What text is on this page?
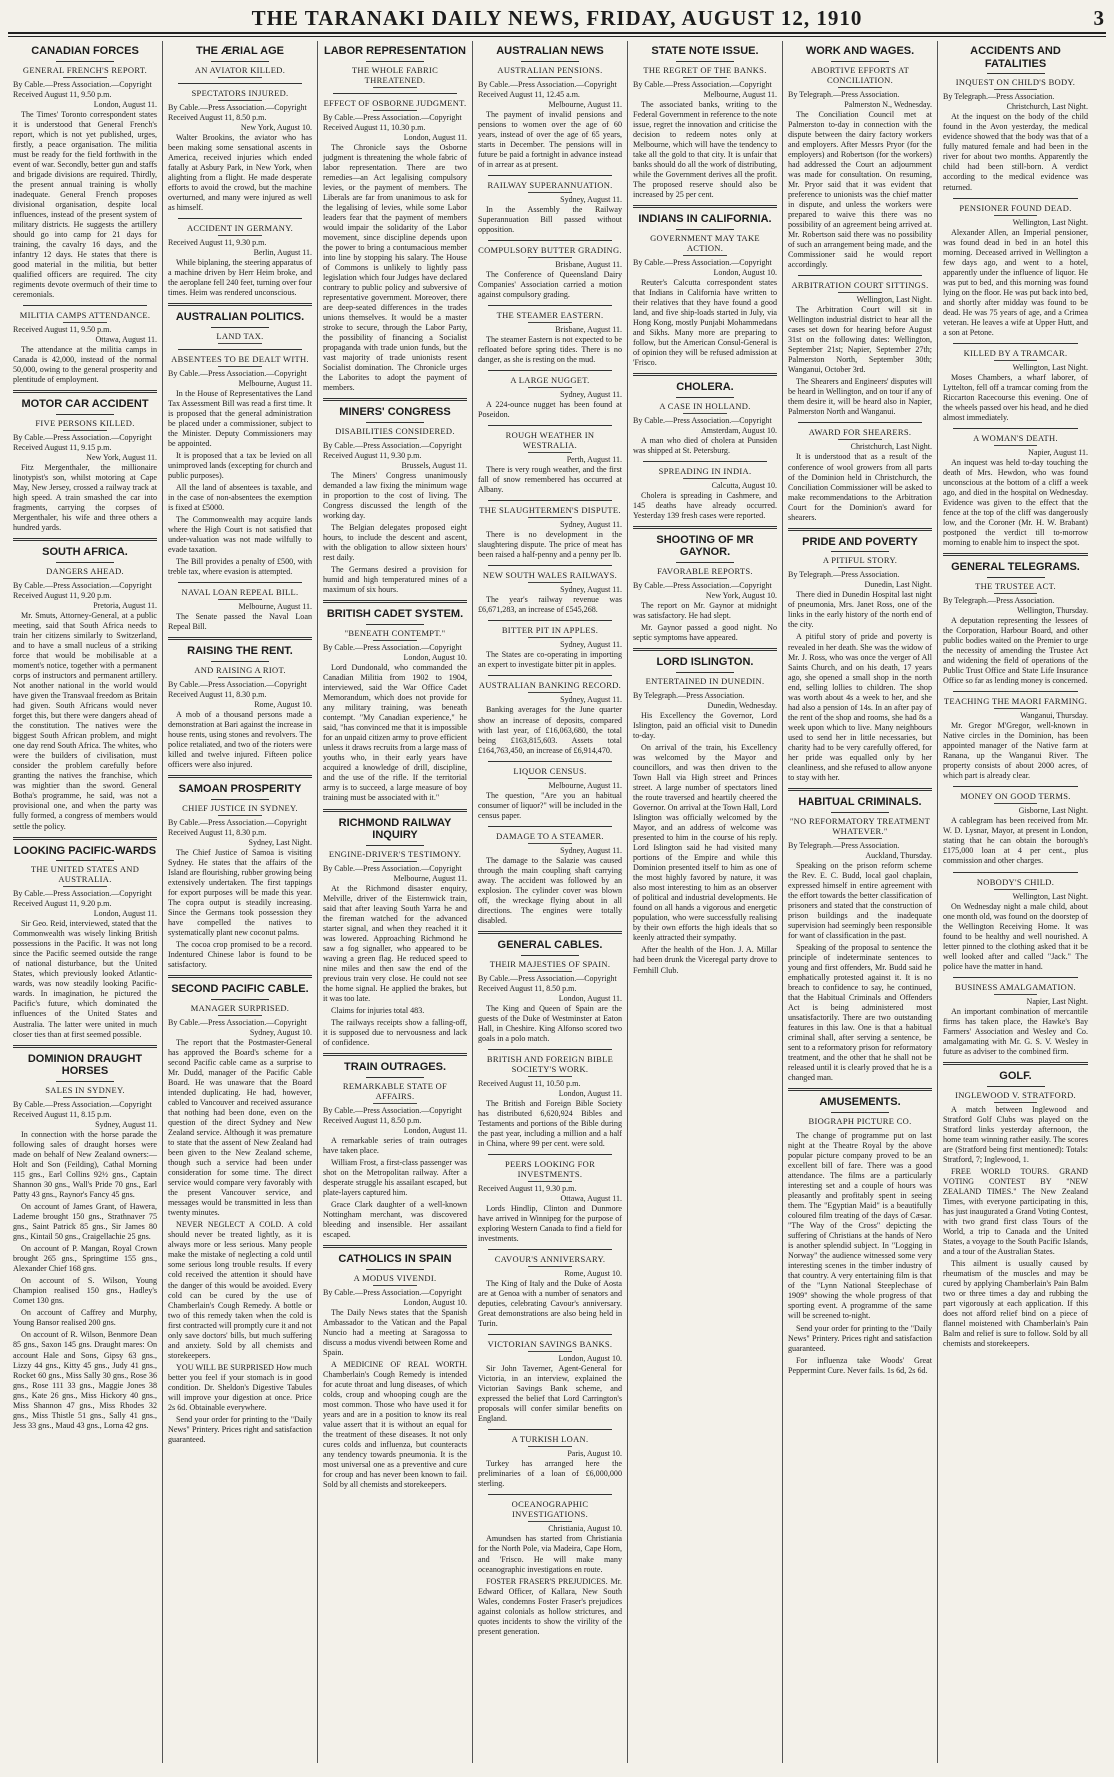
THE TARANAKI DAILY NEWS, FRIDAY, AUGUST 12, 1910	3
CANADIAN FORCES
GENERAL FRENCH'S REPORT.
By Cable.—Press Association.—Copyright
Received August 11, 9.50 p.m.
London, August 11.

The Times' Toronto correspondent states it is understood that General French's report, which is not yet published, urges, firstly, a peace organisation. The militia must be ready for the field forthwith in the event of war. Secondly, better gun and staffs and brigade divisions are required. Thirdly, the present annual training is wholly inadequate. General French proposes divisional organisation, despite local influences, instead of the present system of military districts. He suggests the artillery should go into camp for 21 days for training, the cavalry 16 days, and the infantry 12 days. He states that there is good material in the militia, but better qualified officers are required. The city regiments devote overmuch of their time to ceremonials.

MILITIA CAMPS ATTENDANCE.
Received August 11, 9.50 p.m.
Ottawa, August 11.

The attendance at the militia camps in Canada is 42,000, instead of the normal 50,000, owing to the general prosperity and plentitude of employment.

MOTOR CAR ACCIDENT
FIVE PERSONS KILLED.
By Cable.—Press Association.—Copyright
Received August 11, 9.15 p.m.
New York, August 11.

Fitz Mergenthaler, the millionaire linotypist's son, whilst motoring at Cape May, New Jersey, crossed a railway track at high speed. A train smashed the car into fragments, carrying the corpses of Mergenthaler, his wife and three others a hundred yards.

SOUTH AFRICA.
DANGERS AHEAD.
By Cable.—Press Association.—Copyright
Received August 11, 9.20 p.m.
Pretoria, August 11.

Mr. Smuts, Attorney-General, at a public meeting, said that South Africa needs to train her citizens similarly to Switzerland, and to have a small nucleus of a striking force that would be mobilisable at a moment's notice, together with a permanent corps of instructors and permanent artillery. Not another national in the world would have given the Transvaal freedom as Britain had given. South Africans would never forget this, but there were dangers ahead of the constitution. The natives were the biggest South African problem, and might one day rend South Africa. The whites, who were the builders of civilisation, must consider the problem carefully before granting the natives the franchise, which was mightier than the sword. General Botha's programme, he said, was not a provisional one, and when the party was fully formed, a congress of members would settle the policy.

LOOKING PACIFIC-WARDS
THE UNITED STATES AND AUSTRALIA.
By Cable.—Press Association.—Copyright
Received August 11, 9.20 p.m.
London, August 11.

Sir Geo. Reid, interviewed, stated that the Commonwealth was wisely linking British possessions in the Pacific. It was not long since the Pacific seemed outside the range of national disturbance, but the United States, which previously looked Atlantic-wards, was now steadily looking Pacific-wards. In imagination, he pictured the Pacific's future, which dominated the influences of the United States and Australia. The latter were united in much closer ties than at first seemed possible.

DOMINION DRAUGHT HORSES
SALES IN SYDNEY.
By Cable.—Press Association.—Copyright
Received August 11, 8.15 p.m.
Sydney, August 11.

In connection with the horse parade the following sales of draught horses were made on behalf of New Zealand owners:—Holt and Son (Feilding), Cathal Morning 115 gns., Earl Collins 92½ gns., Captain Shannon 30 gns., Wall's Pride 70 gns., Earl Patty 43 gns., Raynor's Fancy 45 gns.

On account of James Grant, of Hawera, Lademe brought 150 gns., Strathnaver 75 gns., Saint Patrick 85 gns., Sir James 80 gns., Kintail 50 gns., Craigellachie 25 gns.

On account of P. Mangan, Royal Crown brought 265 gns., Springtime 155 gns., Alexander Chief 168 gns.

On account of S. Wilson, Young Champion realised 150 gns., Hadley's Comet 130 gns.

On account of Caffrey and Murphy, Young Bansor realised 200 gns.

On account of R. Wilson, Benmore Dean 85 gns., Saxon 145 gns. Draught mares: On account Hale and Sons, Gipsy 63 gns., Lizzy 44 gns., Kitty 45 gns., Judy 41 gns., Rocket 60 gns., Miss Sally 30 gns., Rose 36 gns., Rose 111 33 gns., Maggie Jones 38 gns., Kate 26 gns., Miss Hickory 40 gns., Miss Shannon 47 gns., Miss Rhodes 32 gns., Miss Thistle 51 gns., Sally 41 gns., Jess 33 gns., Maud 43 gns., Lorna 42 gns.

THE ÆRIAL AGE
AN AVIATOR KILLED.
SPECTATORS INJURED.
By Cable.—Press Association.—Copyright
Received August 11, 8.50 p.m.
New York, August 10.

Walter Brookins, the aviator who has been making some sensational ascents in America, received injuries which ended fatally at Asbury Park, in New York, when alighting from a flight. He made desperate efforts to avoid the crowd, but the machine overturned, and many were injured as well as himself.

ACCIDENT IN GERMANY.
Received August 11, 9.30 p.m.
Berlin, August 11.

While biplaning, the steering apparatus of a machine driven by Herr Heim broke, and the aeroplane fell 240 feet, turning over four times. Heim was rendered unconscious.

AUSTRALIAN POLITICS.
LAND TAX.
ABSENTEES TO BE DEALT WITH.
By Cable.—Press Association.—Copyright
Melbourne, August 11.

In the House of Representatives the Land Tax Assessment Bill was read a first time. It is proposed that the general administration be placed under a commissioner, subject to the Minister. Deputy Commissioners may be appointed.

It is proposed that a tax be levied on all unimproved lands (excepting for church and public purposes).

All the land of absentees is taxable, and in the case of non-absentees the exemption is fixed at £5000.

The Commonwealth may acquire lands where the High Court is not satisfied that under-valuation was not made wilfully to evade taxation.

The Bill provides a penalty of £500, with treble tax, where evasion is attempted.

NAVAL LOAN REPEAL BILL.
Melbourne, August 11.

The Senate passed the Naval Loan Repeal Bill.

RAISING THE RENT.
AND RAISING A RIOT.
By Cable.—Press Association.—Copyright
Received August 11, 8.30 p.m.
Rome, August 10.

A mob of a thousand persons made a demonstration at Bari against the increase in house rents, using stones and revolvers. The police retaliated, and two of the rioters were killed and twelve injured. Fifteen police officers were also injured.

SAMOAN PROSPERITY
CHIEF JUSTICE IN SYDNEY.
By Cable.—Press Association.—Copyright
Received August 11, 8.30 p.m.
Sydney, Last Night.

The Chief Justice of Samoa is visiting Sydney. He states that the affairs of the Island are flourishing, rubber growing being extensively undertaken. The first tappings for export purposes will be made this year. The copra output is steadily increasing. Since the Germans took possession they have compelled the natives to systematically plant new coconut palms.

The cocoa crop promised to be a record. Indentured Chinese labor is found to be satisfactory.

SECOND PACIFIC CABLE.
MANAGER SURPRISED.
By Cable.—Press Association.—Copyright
Sydney, August 10.

The report that the Postmaster-General has approved the Board's scheme for a second Pacific cable came as a surprise to Mr. Dudd, manager of the Pacific Cable Board. He was unaware that the Board intended duplicating. He had, however, cabled to Vancouver and received assurance that nothing had been done, even on the question of the direct Sydney and New Zealand service. Although it was premature to state that the assent of New Zealand had been given to the New Zealand scheme, though such a service had been under consideration for some time. The direct service would compare very favorably with the present Vancouver service, and messages would be transmitted in less than twenty minutes.

NEVER NEGLECT A COLD. A cold should never be treated lightly, as it is always more or less serious. Many people make the mistake of neglecting a cold until some serious long trouble results. If every cold received the attention it should have the danger of this would be avoided. Every cold can be cured by the use of Chamberlain's Cough Remedy. A bottle or two of this remedy taken when the cold is first contracted will promptly cure it and not only save doctors' bills, but much suffering and anxiety. Sold by all chemists and storekeepers.

YOU WILL BE SURPRISED How much better you feel if your stomach is in good condition. Dr. Sheldon's Digestive Tabules will improve your digestion at once. Price 2s 6d. Obtainable everywhere.

Send your order for printing to the "Daily News" Printery. Prices right and satisfaction guaranteed.

LABOR REPRESENTATION
THE WHOLE FABRIC THREATENED.
EFFECT OF OSBORNE JUDGMENT.
By Cable.—Press Association.—Copyright
Received August 11, 10.30 p.m.
London, August 11.

The Chronicle says the Osborne judgment is threatening the whole fabric of labor representation. There are two remedies—an Act legalising compulsory levies, or the payment of members. The Liberals are far from unanimous to ask for the legalising of levies, while some Labor leaders fear that the payment of members would impair the solidarity of the Labor movement, since discipline depends upon the power to bring a contumacious member into line by stopping his salary. The House of Commons is unlikely to lightly pass legislation which four Judges have declared contrary to public policy and subversive of representative government. Moreover, there are deep-seated differences in the trades unions themselves. It would be a master stroke to secure, through the Labor Party, the possibility of financing a Socialist propaganda with trade union funds, but the vast majority of trade unionists resent Socialist domination. The Chronicle urges the Laborites to adopt the payment of members.

MINERS' CONGRESS
DISABILITIES CONSIDERED.
By Cable.—Press Association.—Copyright
Received August 11, 9.30 p.m.
Brussels, August 11.

The Miners' Congress unanimously demanded a law fixing the minimum wage in proportion to the cost of living. The Congress discussed the length of the working day.

The Belgian delegates proposed eight hours, to include the descent and ascent, with the obligation to allow sixteen hours' rest daily.

The Germans desired a provision for humid and high temperatured mines of a maximum of six hours.

BRITISH CADET SYSTEM.
"BENEATH CONTEMPT."
By Cable.—Press Association.—Copyright
London, August 10.

Lord Dundonald, who commanded the Canadian Militia from 1902 to 1904, interviewed, said the War Office Cadet Memorandum, which does not provide for any military training, was beneath contempt. "My Canadian experience," he said, "has convinced me that it is impossible for an unpaid citizen army to prove efficient unless it draws recruits from a large mass of youths who, in their early years have acquired a knowledge of drill, discipline, and the use of the rifle. If the territorial army is to succeed, a large measure of boy training must be associated with it."

RICHMOND RAILWAY INQUIRY
ENGINE-DRIVER'S TESTIMONY.
By Cable.—Press Association.—Copyright
Melbourne, August 11.

At the Richmond disaster enquiry, Melville, driver of the Eisternwick train, said that after leaving South Yarra he and the fireman watched for the advanced starter signal, and when they reached it it was lowered. Approaching Richmond he saw a fog signaller, who appeared to be waving a green flag. He reduced speed to nine miles and then saw the end of the previous train very close. He could not see the home signal. He applied the brakes, but it was too late.

Claims for injuries total 483.

The railways receipts show a falling-off, it is supposed due to nervousness and lack of confidence.

TRAIN OUTRAGES.
REMARKABLE STATE OF AFFAIRS.
By Cable.—Press Association.—Copyright
Received August 11, 8.50 p.m.
London, August 11.

A remarkable series of train outrages have taken place.

William Frost, a first-class passenger was shot on the Metropolitan railway. After a desperate struggle his assailant escaped, but plate-layers captured him.

Grace Clark daughter of a well-known Nottingham merchant, was discovered bleeding and insensible. Her assailant escaped.

CATHOLICS IN SPAIN
A MODUS VIVENDI.
By Cable.—Press Association.—Copyright
London, August 10.

The Daily News states that the Spanish Ambassador to the Vatican and the Papal Nuncio had a meeting at Saragossa to discuss a modus vivendi between Rome and Spain.

A MEDICINE OF REAL WORTH. Chamberlain's Cough Remedy is intended for acute throat and lung diseases, of which colds, croup and whooping cough are the most common. Those who have used it for years and are in a position to know its real value assert that it is without an equal for the treatment of these diseases. It not only cures colds and influenza, but counteracts any tendency towards pneumonia. It is the most universal one as a preventive and cure for croup and has never been known to fail. Sold by all chemists and storekeepers.

AUSTRALIAN NEWS
AUSTRALIAN PENSIONS.
By Cable.—Press Association.—Copyright
Received August 11, 12.45 a.m.
Melbourne, August 11.

The payment of invalid pensions and pensions to women over the age of 60 years, instead of over the age of 65 years, starts in December. The pensions will in future be paid a fortnight in advance instead of in arrear as at present.

RAILWAY SUPERANNUATION.
Sydney, August 11.

In the Assembly the Railway Superannuation Bill passed without opposition.

COMPULSORY BUTTER GRADING.
Brisbane, August 11.

The Conference of Queensland Dairy Companies' Association carried a motion against compulsory grading.

THE STEAMER EASTERN.
Brisbane, August 11.

The steamer Eastern is not expected to be refloated before spring tides. There is no danger, as she is resting on the mud.

A LARGE NUGGET.
Sydney, August 11.

A 224-ounce nugget has been found at Poseidon.

ROUGH WEATHER IN WESTRALIA.
Perth, August 11.

There is very rough weather, and the first fall of snow remembered has occurred at Albany.

THE SLAUGHTERMEN'S DISPUTE.
Sydney, August 11.

There is no development in the slaughtering dispute. The price of meat has been raised a half-penny and a penny per lb.

NEW SOUTH WALES RAILWAYS.
Sydney, August 11.

The year's railway revenue was £6,671,283, an increase of £545,268.

BITTER PIT IN APPLES.
Sydney, August 11.

The States are co-operating in importing an expert to investigate bitter pit in apples.

AUSTRALIAN BANKING RECORD.
Sydney, August 11.

Banking averages for the June quarter show an increase of deposits, compared with last year, of £16,063,680, the total being £163,815,603. Assets total £164,763,450, an increase of £6,914,470.

LIQUOR CENSUS.
Melbourne, August 11.

The question, "Are you an habitual consumer of liquor?" will be included in the census paper.

DAMAGE TO A STEAMER.
Sydney, August 11.

The damage to the Salazie was caused through the main coupling shaft carrying away. The accident was followed by an explosion. The cylinder cover was blown off, the wreckage flying about in all directions. The engines were totally disabled.

GENERAL CABLES.
THEIR MAJESTIES OF SPAIN.
By Cable.—Press Association.—Copyright
Received August 11, 8.50 p.m.
London, August 11.

The King and Queen of Spain are the guests of the Duke of Westminster at Eaton Hall, in Cheshire. King Alfonso scored two goals in a polo match.

BRITISH AND FOREIGN BIBLE SOCIETY'S WORK.
Received August 11, 10.50 p.m.
London, August 11.

The British and Foreign Bible Society has distributed 6,620,924 Bibles and Testaments and portions of the Bible during the past year, including a million and a half in China, where 99 per cent. were sold.

PEERS LOOKING FOR INVESTMENTS.
Received August 11, 9.30 p.m.
Ottawa, August 11.

Lords Hindlip, Clinton and Dunmore have arrived in Winnipeg for the purpose of exploring Western Canada to find a field for investments.

CAVOUR'S ANNIVERSARY.
Rome, August 10.

The King of Italy and the Duke of Aosta are at Genoa with a number of senators and deputies, celebrating Cavour's anniversary. Great demonstrations are also being held in Turin.

VICTORIAN SAVINGS BANKS.
London, August 10.

Sir John Taverner, Agent-General for Victoria, in an interview, explained the Victorian Savings Bank scheme, and expressed the belief that Lord Carrington's proposals will confer similar benefits on England.

A TURKISH LOAN.
Paris, August 10.

Turkey has arranged here the preliminaries of a loan of £6,000,000 sterling.

OCEANOGRAPHIC INVESTIGATIONS.
Christiania, August 10.

Amundsen has started from Christiania for the North Pole, via Madeira, Cape Horn, and 'Frisco. He will make many oceanographic investigations en route.

FOSTER FRASER'S PREJUDICES. Mr. Edward Officer, of Kallara, New South Wales, condemns Foster Fraser's prejudices against colonials as hollow strictures, and quotes incidents to show the virility of the present generation.

STATE NOTE ISSUE.
THE REGRET OF THE BANKS.
By Cable.—Press Association.—Copyright
Melbourne, August 11.

The associated banks, writing to the Federal Government in reference to the note issue, regret the innovation and criticise the decision to redeem notes only at Melbourne, which will have the tendency to take all the gold to that city. It is unfair that banks should do all the work of distributing, while the Government derives all the profit. The proposed reserve should also be increased by 25 per cent.

INDIANS IN CALIFORNIA.
GOVERNMENT MAY TAKE ACTION.
By Cable.—Press Association.—Copyright
London, August 10.

Reuter's Calcutta correspondent states that Indians in California have written to their relatives that they have found a good land, and five ship-loads started in July, via Hong Kong, mostly Punjabi Mohammedans and Sikhs. Many more are preparing to follow, but the American Consul-General is of opinion they will be refused admission at 'Frisco.

CHOLERA.
A CASE IN HOLLAND.
By Cable.—Press Association.—Copyright
Amsterdam, August 10.

A man who died of cholera at Punsiden was shipped at St. Petersburg.

SPREADING IN INDIA.
Calcutta, August 10.

Cholera is spreading in Cashmere, and 145 deaths have already occurred. Yesterday 139 fresh cases were reported.

SHOOTING OF MR GAYNOR.
FAVORABLE REPORTS.
By Cable.—Press Association.—Copyright
New York, August 10.

The report on Mr. Gaynor at midnight was satisfactory. He had slept.

Mr. Gaynor passed a good night. No septic symptoms have appeared.

LORD ISLINGTON.
ENTERTAINED IN DUNEDIN.
By Telegraph.—Press Association.
Dunedin, Wednesday.

His Excellency the Governor, Lord Islington, paid an official visit to Dunedin to-day.

On arrival of the train, his Excellency was welcomed by the Mayor and councillors, and was then driven to the Town Hall via High street and Princes street. A large number of spectators lined the route traversed and heartily cheered the Governor. On arrival at the Town Hall, Lord Islington was officially welcomed by the Mayor, and an address of welcome was presented to him in the course of his reply. Lord Islington said he had visited many portions of the Empire and while this Dominion presented itself to him as one of the most highly favored by nature, it was also most interesting to him as an observer of political and industrial developments. He found on all hands a vigorous and energetic population, who were successfully realising by their own efforts the high ideals that so keenly attracted their sympathy.

After the health of the Hon. J. A. Millar had been drunk the Viceregal party drove to Fernhill Club.

WORK AND WAGES.
ABORTIVE EFFORTS AT CONCILIATION.
By Telegraph.—Press Association.
Palmerston N., Wednesday.

The Conciliation Council met at Palmerston to-day in connection with the dispute between the dairy factory workers and employers. After Messrs Pryor (for the employers) and Robertson (for the workers) had addressed the Court an adjournment was made for consultation. On resuming, Mr. Pryor said that it was evident that preference to unionists was the chief matter in dispute, and unless the workers were prepared to waive this there was no possibility of an agreement being arrived at. Mr. Robertson said there was no possibility of such an arrangement being made, and the Commissioner said he would report accordingly.

ARBITRATION COURT SITTINGS.
Wellington, Last Night.

The Arbitration Court will sit in Wellington industrial district to hear all the cases set down for hearing before August 31st on the following dates: Wellington, September 21st; Napier, September 27th; Palmerston North, September 30th; Wanganui, October 3rd.

The Shearers and Engineers' disputes will be heard in Wellington, and on tour if any of them desire it, will be heard also in Napier, Palmerston North and Wanganui.

AWARD FOR SHEARERS.
Christchurch, Last Night.

It is understood that as a result of the conference of wool growers from all parts of the Dominion held in Christchurch, the Conciliation Commissioner will be asked to make recommendations to the Arbitration Court for the Dominion's award for shearers.

PRIDE AND POVERTY
A PITIFUL STORY.
By Telegraph.—Press Association.
Dunedin, Last Night.

There died in Dunedin Hospital last night of pneumonia, Mrs. Janet Ross, one of the links in the early history of the north end of the city.

A pitiful story of pride and poverty is revealed in her death. She was the widow of Mr. J. Ross, who was once the verger of All Saints Church, and on his death, 17 years ago, she opened a small shop in the north end, selling lollies to children. The shop was worth about 4s a week to her, and she had also a pension of 14s. In an after pay of the rent of the shop and rooms, she had 8s a week upon which to live. Many neighbours used to send her in little necessaries, but charity had to be very carefully offered, for her pride was equalled only by her cleanliness, and she refused to allow anyone to stay with her.

HABITUAL CRIMINALS.
"NO REFORMATORY TREATMENT WHATEVER."
By Telegraph.—Press Association.
Auckland, Thursday.

Speaking on the prison reform scheme the Rev. E. C. Budd, local gaol chaplain, expressed himself in entire agreement with the effort towards the better classification of prisoners and stated that the construction of prison buildings and the inadequate supervision had seemingly been responsible for want of classification in the past.

Speaking of the proposal to sentence the principle of indeterminate sentences to young and first offenders, Mr. Budd said he emphatically protested against it. It is no breach to confidence to say, he continued, that the Habitual Criminals and Offenders Act is being administered most unsatisfactorily. There are two outstanding features in this law. One is that a habitual criminal shall, after serving a sentence, be sent to a reformatory prison for reformatory treatment, and the other that he shall not be released until it is clearly proved that he is a changed man.

AMUSEMENTS.
BIOGRAPH PICTURE CO.

The change of programme put on last night at the Theatre Royal by the above popular picture company proved to be an excellent bill of fare. There was a good attendance. The films are a particularly interesting set and a couple of hours was pleasantly and profitably spent in seeing them. The "Egyptian Maid" is a beautifully coloured film treating of the days of Cæsar. "The Way of the Cross" depicting the suffering of Christians at the hands of Nero is another splendid subject. In "Logging in Norway" the audience witnessed some very interesting scenes in the timber industry of that country. A very entertaining film is that of the "Lynn National Steeplechase of 1909" showing the whole progress of that sporting event. A programme of the same will be screened to-night.

Send your order for printing to the "Daily News" Printery. Prices right and satisfaction guaranteed.

For influenza take Woods' Great Peppermint Cure. Never fails. 1s 6d, 2s 6d.

ACCIDENTS AND FATALITIES
INQUEST ON CHILD'S BODY.
By Telegraph.—Press Association.
Christchurch, Last Night.

At the inquest on the body of the child found in the Avon yesterday, the medical evidence showed that the body was that of a fully matured female and had been in the river for about two months. Apparently the child had been still-born. A verdict according to the medical evidence was returned.

PENSIONER FOUND DEAD.
Wellington, Last Night.

Alexander Allen, an Imperial pensioner, was found dead in bed in an hotel this morning. Deceased arrived in Wellington a few days ago, and went to a hotel, apparently under the influence of liquor. He was put to bed, and this morning was found lying on the floor. He was put back into bed, and shortly after midday was found to be dead. He was 75 years of age, and a Crimea veteran. He leaves a wife at Upper Hutt, and a son at Petone.

KILLED BY A TRAMCAR.
Wellington, Last Night.

Moses Chambers, a wharf laborer, of Lyttelton, fell off a tramcar coming from the Riccarton Racecourse this evening. One of the wheels passed over his head, and he died almost immediately.

A WOMAN'S DEATH.
Napier, August 11.

An inquest was held to-day touching the death of Mrs. Hewdon, who was found unconscious at the bottom of a cliff a week ago, and died in the hospital on Wednesday. Evidence was given to the effect that the fence at the top of the cliff was dangerously low, and the Coroner (Mr. H. W. Brabant) postponed the verdict till to-morrow morning to enable him to inspect the spot.

GENERAL TELEGRAMS.
THE TRUSTEE ACT.
By Telegraph.—Press Association.
Wellington, Thursday.

A deputation representing the lessees of the Corporation, Harbour Board, and other public bodies waited on the Premier to urge the necessity of amending the Trustee Act and widening the field of operations of the Public Trust Office and State Life Insurance Office so far as lending money is concerned.

TEACHING THE MAORI FARMING.
Wanganui, Thursday.

Mr. Gregor M'Gregor, well-known in Native circles in the Dominion, has been appointed manager of the Native farm at Ranana, up the Wanganui River. The property consists of about 2000 acres, of which part is already clear.

MONEY ON GOOD TERMS.
Gisborne, Last Night.

A cablegram has been received from Mr. W. D. Lysnar, Mayor, at present in London, stating that he can obtain the borough's £175,000 loan at 4 per cent., plus commission and other charges.

NOBODY'S CHILD.
Wellington, Last Night.

On Wednesday night a male child, about one month old, was found on the doorstep of the Wellington Receiving Home. It was found to be healthy and well nourished. A letter pinned to the clothing asked that it be well looked after and called "Jack." The police have the matter in hand.

BUSINESS AMALGAMATION.
Napier, Last Night.

An important combination of mercantile firms has taken place, the Hawke's Bay Farmers' Association and Wesley and Co. amalgamating with Mr. G. S. V. Wesley in future as adviser to the combined firm.

GOLF.
INGLEWOOD V. STRATFORD.

A match between Inglewood and Stratford Golf Clubs was played on the Stratford links yesterday afternoon, the home team winning rather easily. The scores are (Stratford being first mentioned): Totals: Stratford, 7; Inglewood, 1.

FREE WORLD TOURS. GRAND VOTING CONTEST BY "NEW ZEALAND TIMES." The New Zealand Times, with everyone participating in this, has just inaugurated a Grand Voting Contest, with two grand first class Tours of the World, a trip to Canada and the United States, a voyage to the South Pacific Islands, and a tour of the Australian States.

This ailment is usually caused by rheumatism of the muscles and may be cured by applying Chamberlain's Pain Balm two or three times a day and rubbing the part vigorously at each application. If this does not afford relief bind on a piece of flannel moistened with Chamberlain's Pain Balm and relief is sure to follow. Sold by all chemists and storekeepers.
